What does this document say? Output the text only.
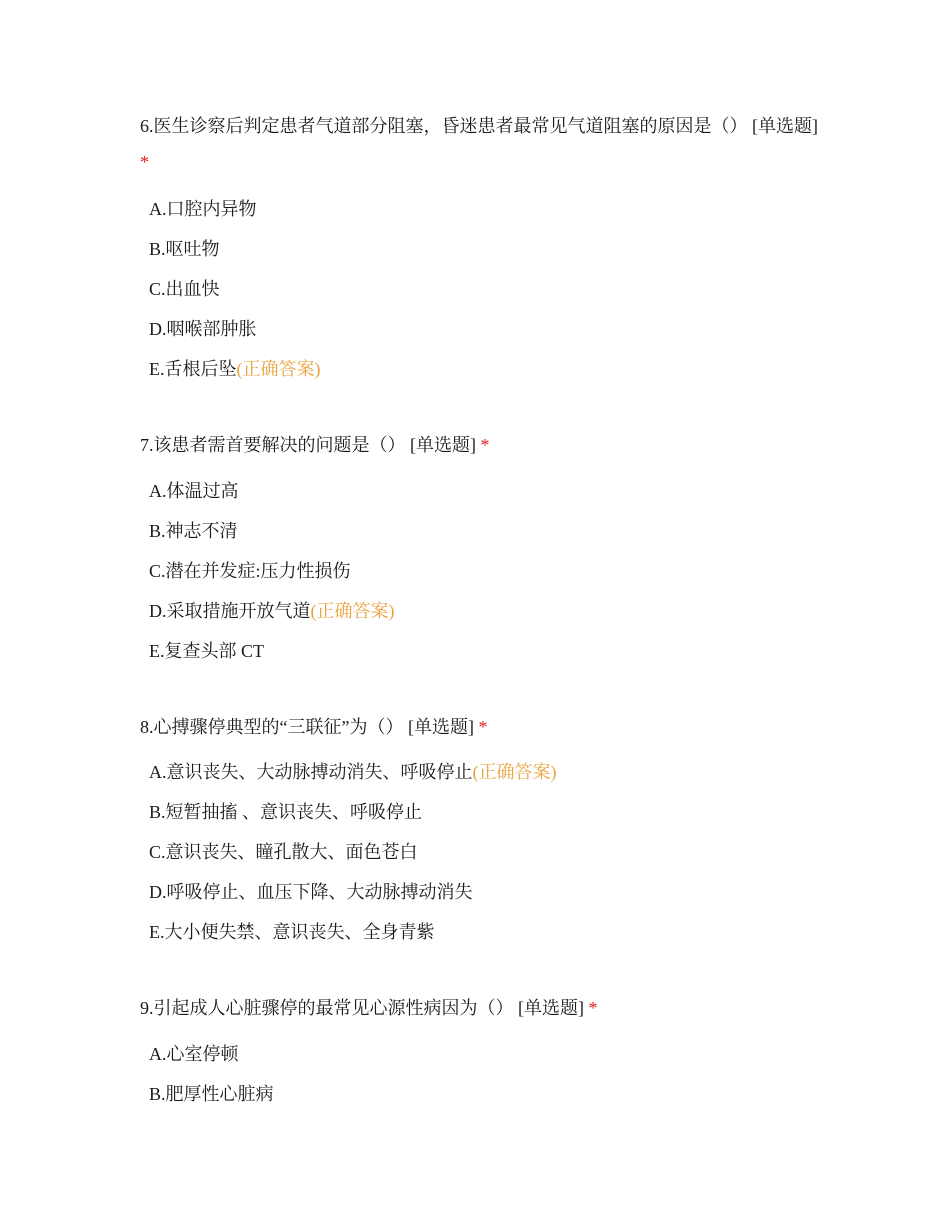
6.医生诊察后判定患者气道部分阻塞，昏迷患者最常见气道阻塞的原因是（） [单选题] *

A.口腔内异物
B.呕吐物
C.出血快
D.咽喉部肿胀
E.舌根后坠(正确答案)

7.该患者需首要解决的问题是（） [单选题] *

A.体温过高
B.神志不清
C.潜在并发症:压力性损伤
D.采取措施开放气道(正确答案)
E.复查头部 CT

8.心搏骤停典型的“三联征”为（） [单选题] *

A.意识丧失、大动脉搏动消失、呼吸停止(正确答案)
B.短暂抽搐 、意识丧失、呼吸停止
C.意识丧失、瞳孔散大、面色苍白
D.呼吸停止、血压下降、大动脉搏动消失
E.大小便失禁、意识丧失、全身青紫

9.引起成人心脏骤停的最常见心源性病因为（） [单选题] *

A.心室停顿
B.肥厚性心脏病
